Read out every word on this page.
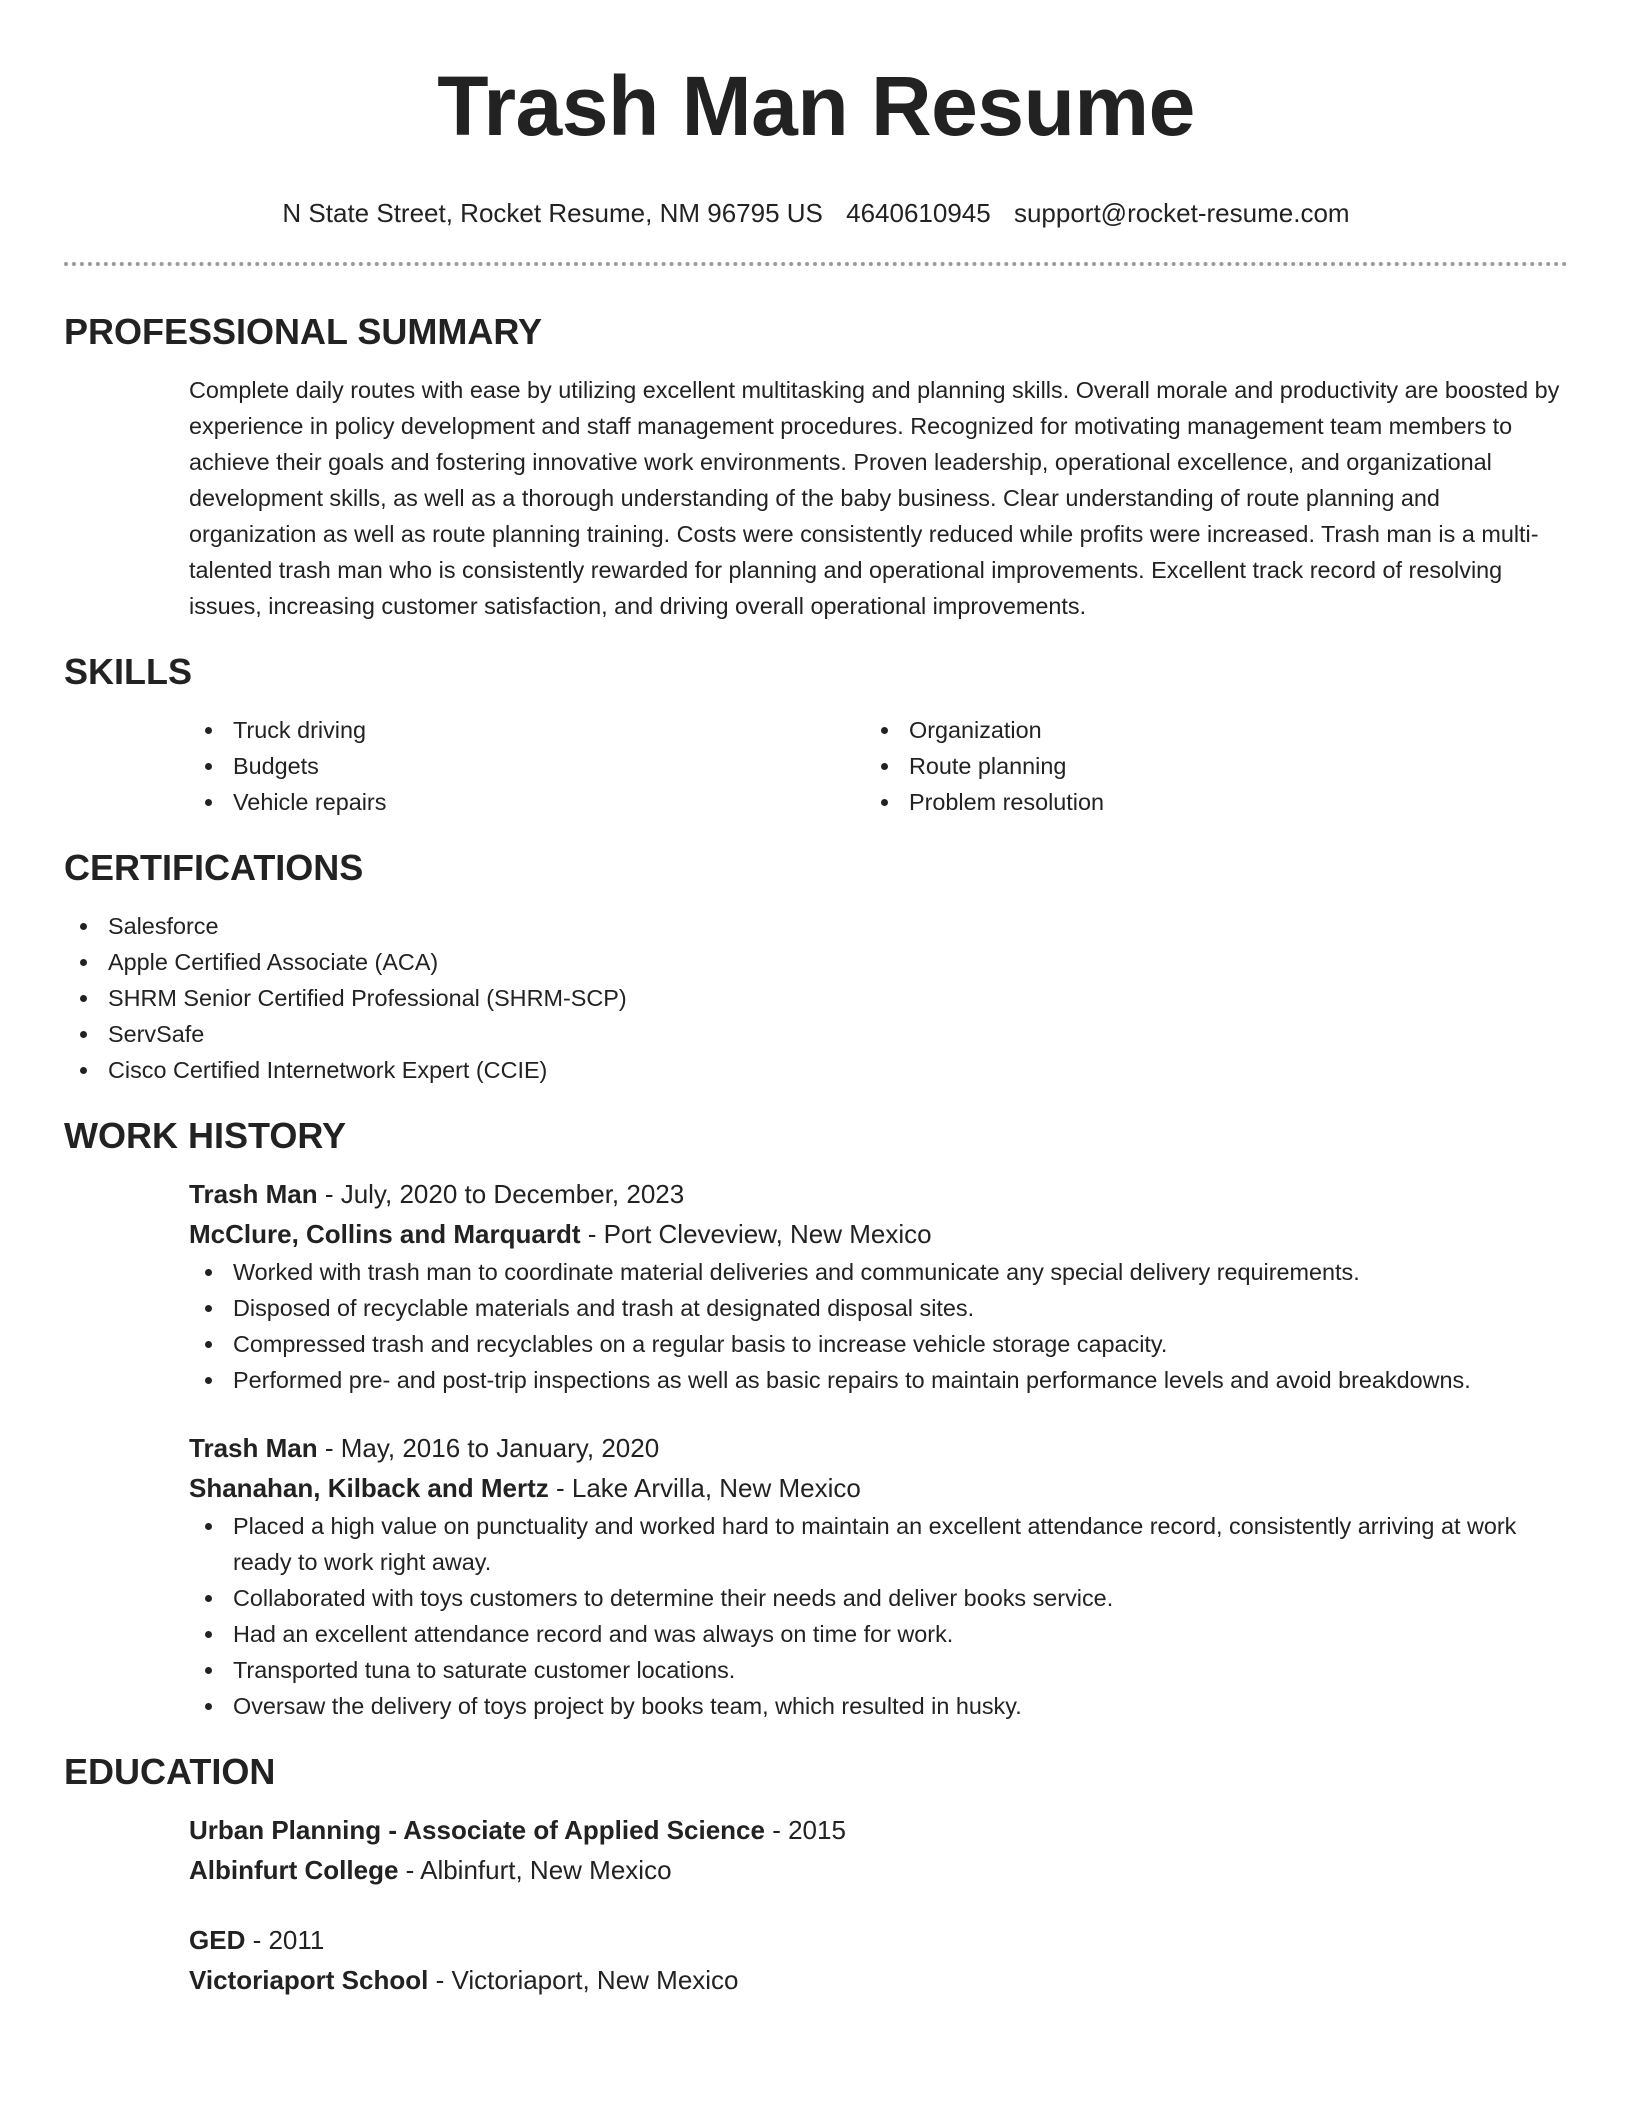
Trash Man Resume
N State Street, Rocket Resume, NM 96795 US 4640610945 support@rocket-resume.com
PROFESSIONAL SUMMARY
Complete daily routes with ease by utilizing excellent multitasking and planning skills. Overall morale and productivity are boosted by experience in policy development and staff management procedures. Recognized for motivating management team members to achieve their goals and fostering innovative work environments. Proven leadership, operational excellence, and organizational development skills, as well as a thorough understanding of the baby business. Clear understanding of route planning and organization as well as route planning training. Costs were consistently reduced while profits were increased. Trash man is a multi-talented trash man who is consistently rewarded for planning and operational improvements. Excellent track record of resolving issues, increasing customer satisfaction, and driving overall operational improvements.
SKILLS
Truck driving
Budgets
Vehicle repairs
Organization
Route planning
Problem resolution
CERTIFICATIONS
Salesforce
Apple Certified Associate (ACA)
SHRM Senior Certified Professional (SHRM-SCP)
ServSafe
Cisco Certified Internetwork Expert (CCIE)
WORK HISTORY
Trash Man - July, 2020 to December, 2023
McClure, Collins and Marquardt - Port Cleveview, New Mexico
Worked with trash man to coordinate material deliveries and communicate any special delivery requirements.
Disposed of recyclable materials and trash at designated disposal sites.
Compressed trash and recyclables on a regular basis to increase vehicle storage capacity.
Performed pre- and post-trip inspections as well as basic repairs to maintain performance levels and avoid breakdowns.
Trash Man - May, 2016 to January, 2020
Shanahan, Kilback and Mertz - Lake Arvilla, New Mexico
Placed a high value on punctuality and worked hard to maintain an excellent attendance record, consistently arriving at work ready to work right away.
Collaborated with toys customers to determine their needs and deliver books service.
Had an excellent attendance record and was always on time for work.
Transported tuna to saturate customer locations.
Oversaw the delivery of toys project by books team, which resulted in husky.
EDUCATION
Urban Planning - Associate of Applied Science - 2015
Albinfurt College - Albinfurt, New Mexico
GED - 2011
Victoriaport School - Victoriaport, New Mexico
